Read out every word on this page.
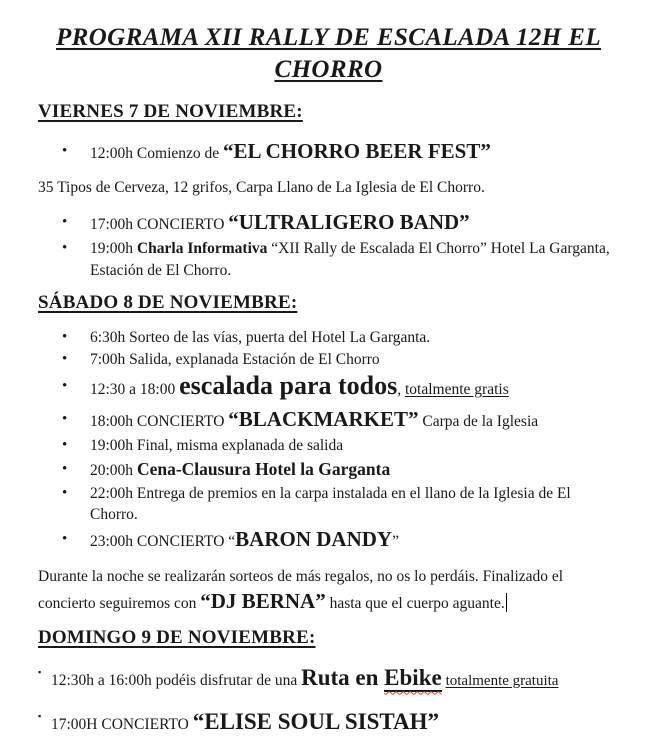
PROGRAMA XII RALLY DE ESCALADA 12H EL CHORRO
VIERNES 7 DE NOVIEMBRE:
• 12:00h Comienzo de “EL CHORRO BEER FEST”

35 Tipos de Cerveza, 12 grifos, Carpa Llano de La Iglesia de El Chorro.

• 17:00h CONCIERTO “ULTRALIGERO BAND”
• 19:00h Charla Informativa “XII Rally de Escalada El Chorro” Hotel La Garganta, Estación de El Chorro.
SÁBADO 8 DE NOVIEMBRE:
• 6:30h Sorteo de las vías, puerta del Hotel La Garganta.
• 7:00h Salida, explanada Estación de El Chorro
• 12:30 a 18:00 escalada para todos, totalmente gratis
• 18:00h CONCIERTO “BLACKMARKET” Carpa de la Iglesia
• 19:00h Final, misma explanada de salida
• 20:00h Cena-Clausura Hotel la Garganta
• 22:00h Entrega de premios en la carpa instalada en el llano de la Iglesia de El Chorro.
• 23:00h CONCIERTO “BARON DANDY”

Durante la noche se realizarán sorteos de más regalos, no os lo perdáis. Finalizado el concierto seguiremos con “DJ BERNA” hasta que el cuerpo aguante.

DOMINGO 9 DE NOVIEMBRE:
▪ 12:30h a 16:00h podéis disfrutar de una Ruta en Ebike totalmente gratuita
▪ 17:00H CONCIERTO “ELISE SOUL SISTAH”
